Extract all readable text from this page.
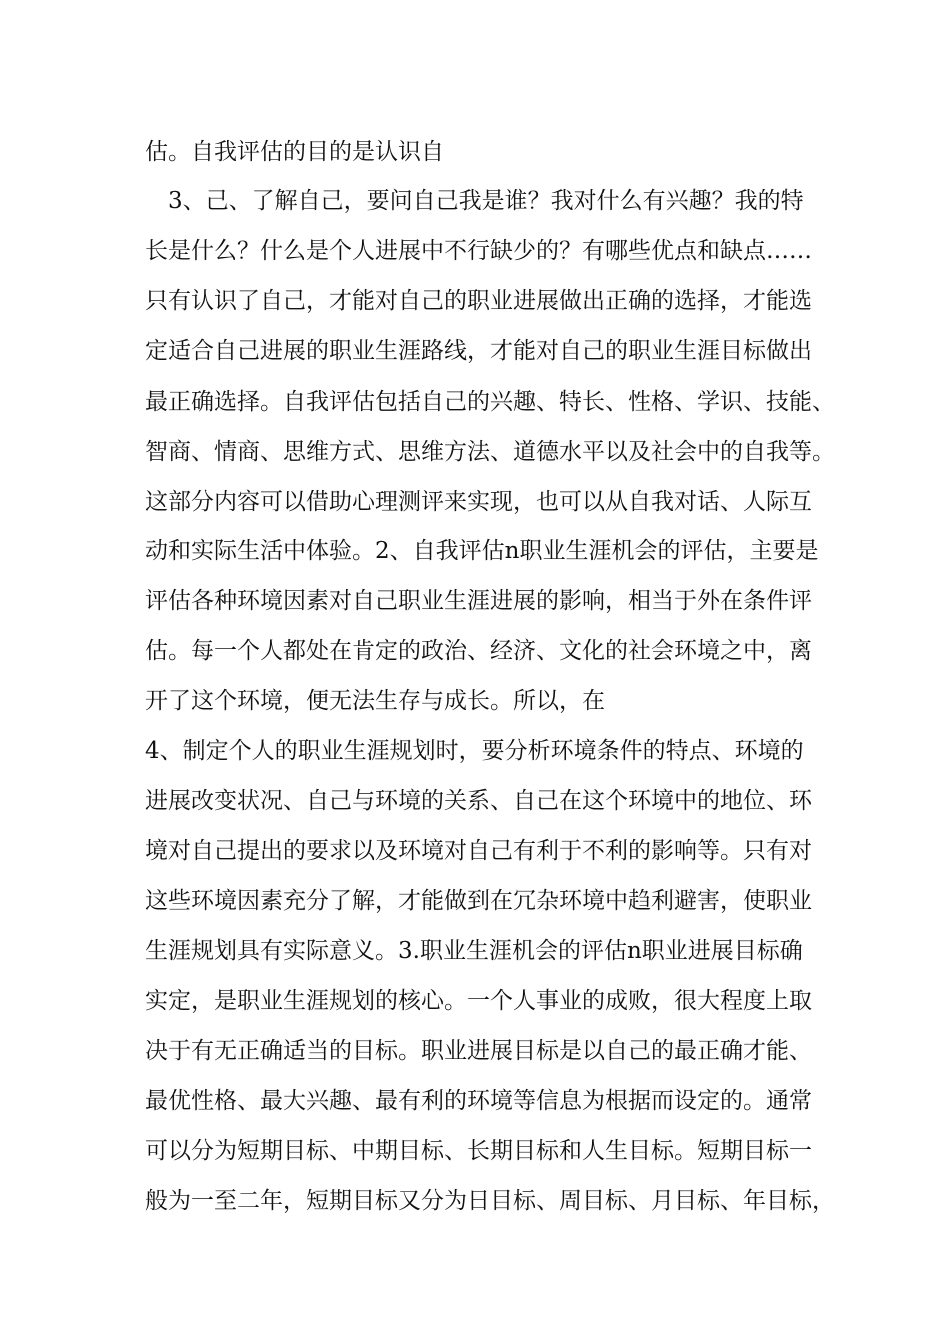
估。自我评估的目的是认识自
　3、己、了解自己，要问自己我是谁？我对什么有兴趣？我的特
长是什么？什么是个人进展中不行缺少的？有哪些优点和缺点……
只有认识了自己，才能对自己的职业进展做出正确的选择，才能选
定适合自己进展的职业生涯路线，才能对自己的职业生涯目标做出
最正确选择。自我评估包括自己的兴趣、特长、性格、学识、技能、
智商、情商、思维方式、思维方法、道德水平以及社会中的自我等。
这部分内容可以借助心理测评来实现，也可以从自我对话、人际互
动和实际生活中体验。2、自我评估n职业生涯机会的评估，主要是
评估各种环境因素对自己职业生涯进展的影响，相当于外在条件评
估。每一个人都处在肯定的政治、经济、文化的社会环境之中，离
开了这个环境，便无法生存与成长。所以，在
4、制定个人的职业生涯规划时，要分析环境条件的特点、环境的
进展改变状况、自己与环境的关系、自己在这个环境中的地位、环
境对自己提出的要求以及环境对自己有利于不利的影响等。只有对
这些环境因素充分了解，才能做到在冗杂环境中趋利避害，使职业
生涯规划具有实际意义。3.职业生涯机会的评估n职业进展目标确
实定，是职业生涯规划的核心。一个人事业的成败，很大程度上取
决于有无正确适当的目标。职业进展目标是以自己的最正确才能、
最优性格、最大兴趣、最有利的环境等信息为根据而设定的。通常
可以分为短期目标、中期目标、长期目标和人生目标。短期目标一
般为一至二年，短期目标又分为日目标、周目标、月目标、年目标，
